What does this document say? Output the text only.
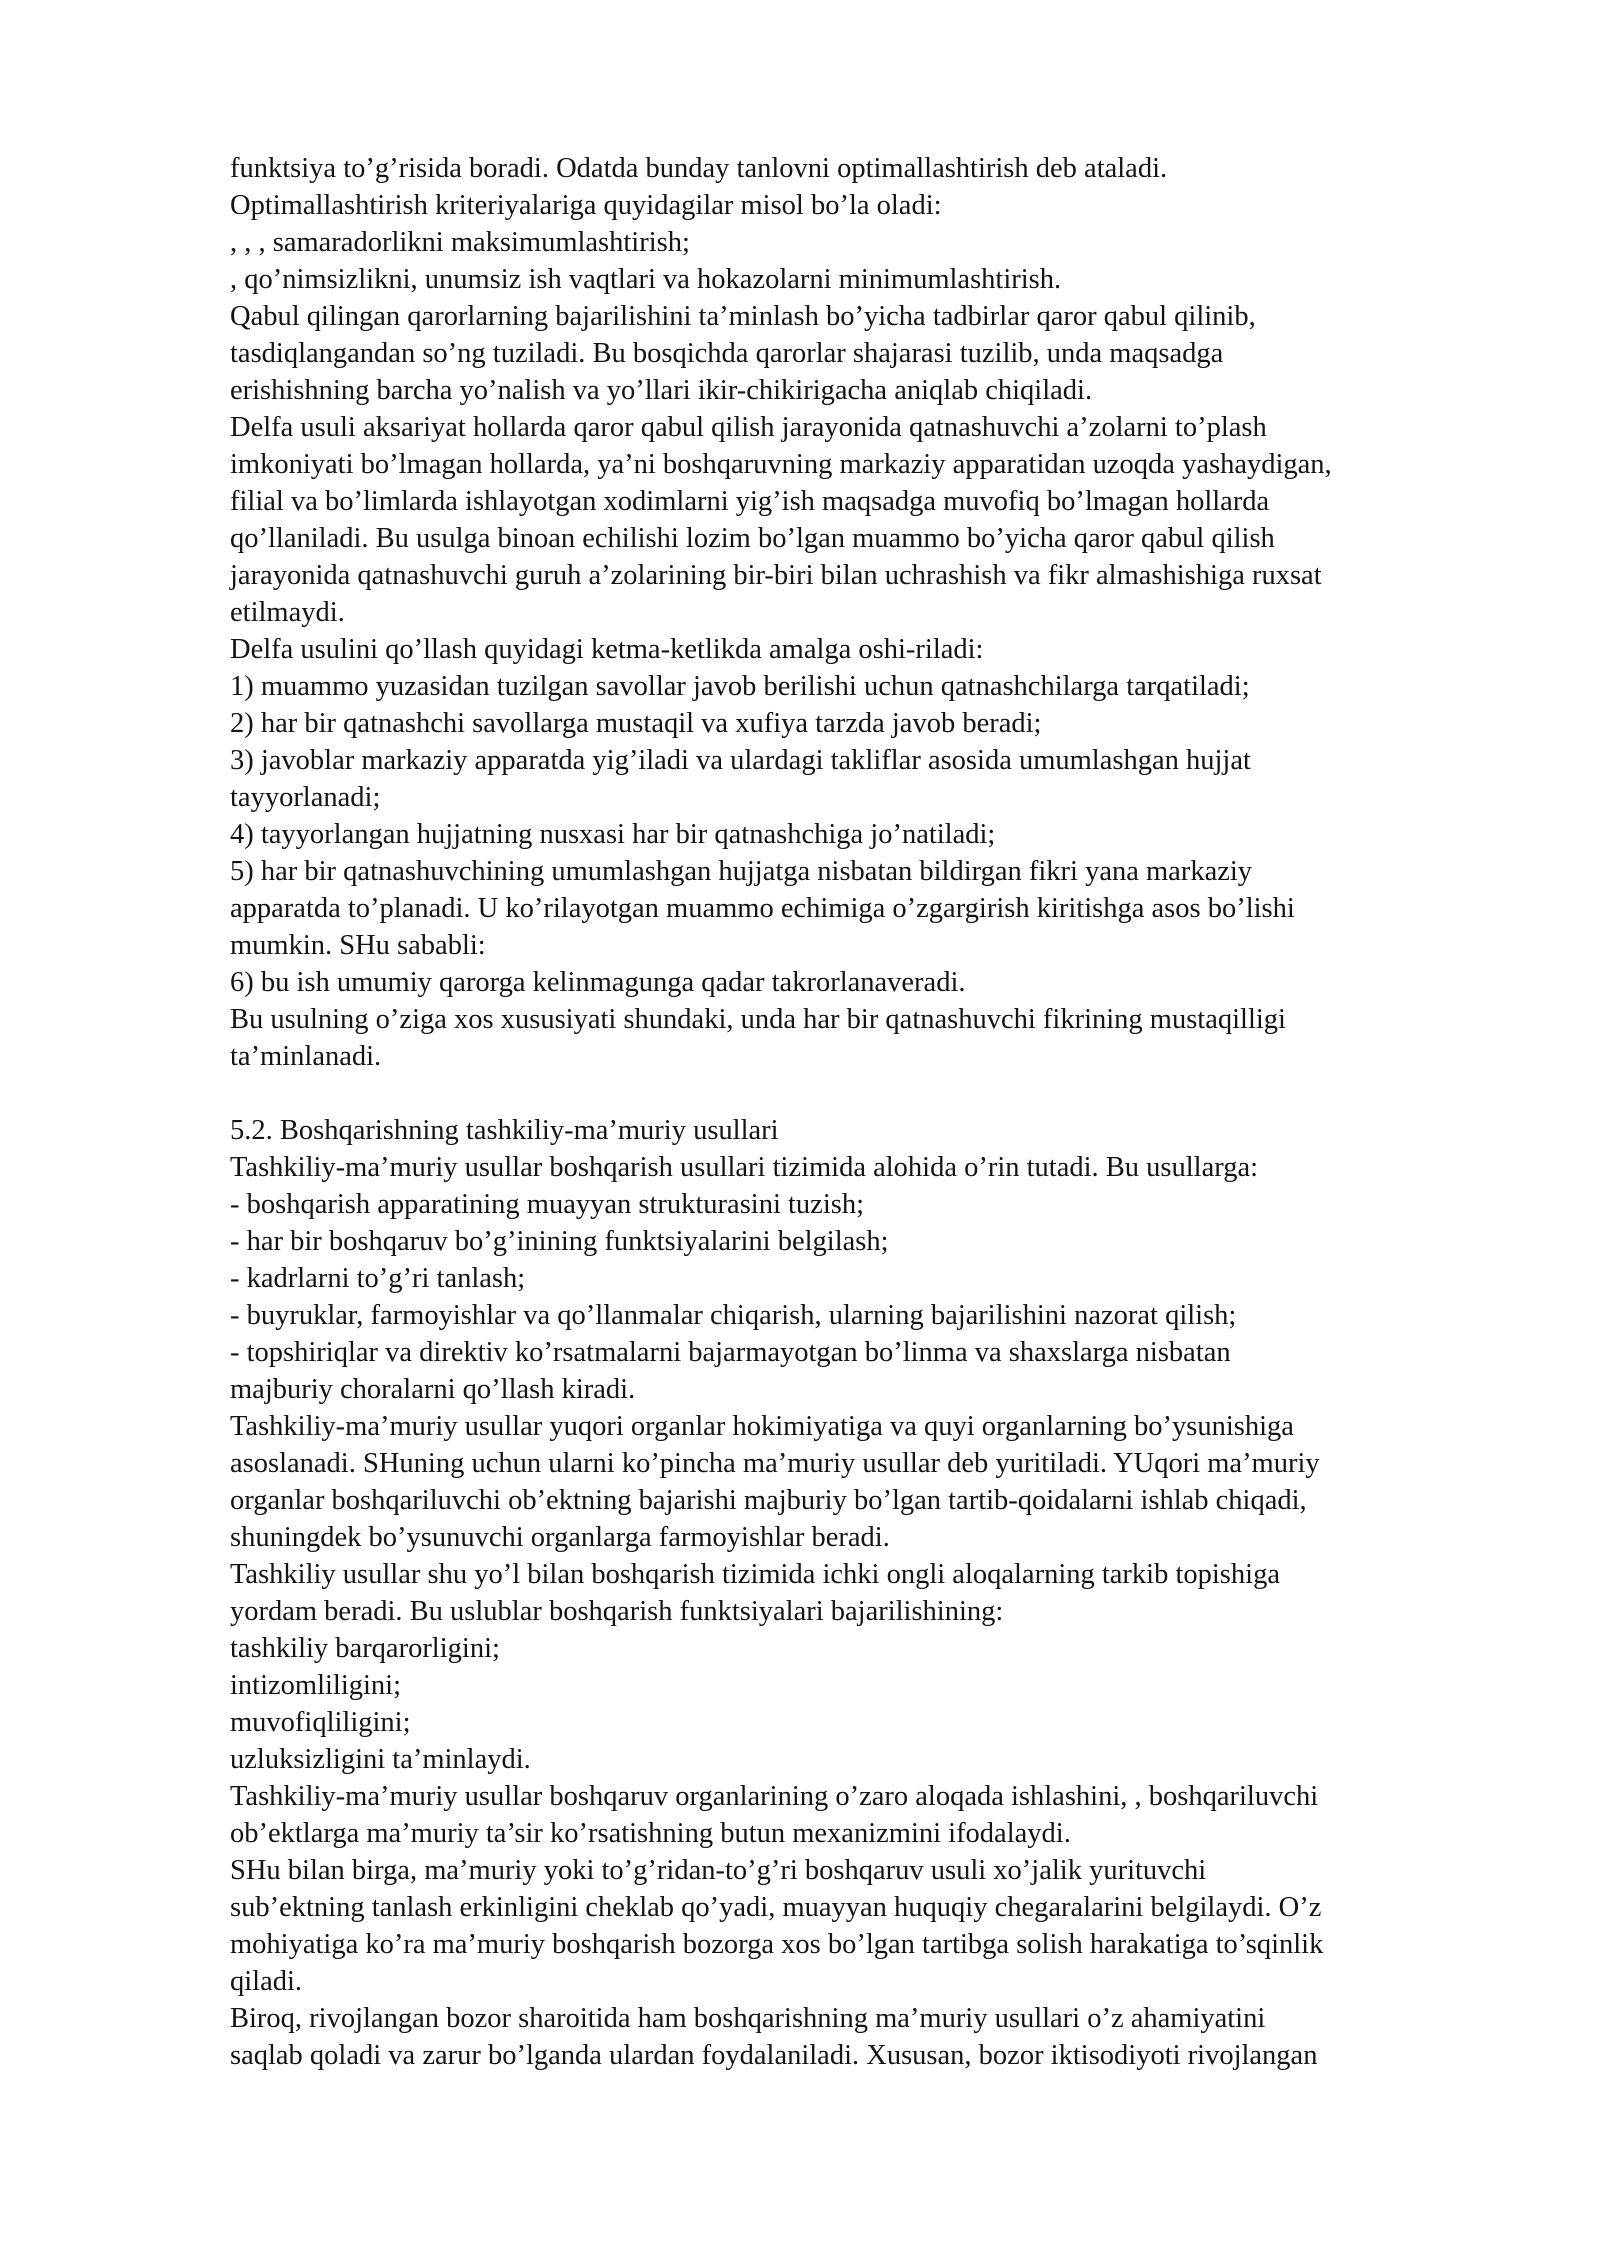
funktsiya to’g’risida boradi. Odatda bunday tanlovni optimallashtirish deb ataladi.
Optimallashtirish kriteriyalariga quyidagilar misol bo’la oladi:
, , , samaradorlikni maksimumlashtirish;
, qo’nimsizlikni, unumsiz ish vaqtlari va hokazolarni minimumlashtirish.
Qabul qilingan qarorlarning bajarilishini ta’minlash bo’yicha tadbirlar qaror qabul qilinib,
tasdiqlangandan so’ng tuziladi. Bu bosqichda qarorlar shajarasi tuzilib, unda maqsadga
erishishning barcha yo’nalish va yo’llari ikir-chikirigacha aniqlab chiqiladi.
Delfa usuli aksariyat hollarda qaror qabul qilish jarayonida qatnashuvchi a’zolarni to’plash
imkoniyati bo’lmagan hollarda, ya’ni boshqaruvning markaziy apparatidan uzoqda yashaydigan,
filial va bo’limlarda ishlayotgan xodimlarni yig’ish maqsadga muvofiq bo’lmagan hollarda
qo’llaniladi. Bu usulga binoan echilishi lozim bo’lgan muammo bo’yicha qaror qabul qilish
jarayonida qatnashuvchi guruh a’zolarining bir-biri bilan uchrashish va fikr almashishiga ruxsat
etilmaydi.
Delfa usulini qo’llash quyidagi ketma-ketlikda amalga oshi-riladi:
1) muammo yuzasidan tuzilgan savollar javob berilishi uchun qatnashchilarga tarqatiladi;
2) har bir qatnashchi savollarga mustaqil va xufiya tarzda javob beradi;
3) javoblar markaziy apparatda yig’iladi va ulardagi takliflar asosida umumlashgan hujjat
tayyorlanadi;
4) tayyorlangan hujjatning nusxasi har bir qatnashchiga jo’natiladi;
5) har bir qatnashuvchining umumlashgan hujjatga nisbatan bildirgan fikri yana markaziy
apparatda to’planadi. U ko’rilayotgan muammo echimiga o’zgargirish kiritishga asos bo’lishi
mumkin. SHu sababli:
6) bu ish umumiy qarorga kelinmagunga qadar takrorlanaveradi.
Bu usulning o’ziga xos xususiyati shundaki, unda har bir qatnashuvchi fikrining mustaqilligi
ta’minlanadi.
5.2. Boshqarishning tashkiliy-ma’muriy usullari
Tashkiliy-ma’muriy usullar boshqarish usullari tizimida alohida o’rin tutadi. Bu usullarga:
- boshqarish apparatining muayyan strukturasini tuzish;
- har bir boshqaruv bo’g’inining funktsiyalarini belgilash;
- kadrlarni to’g’ri tanlash;
- buyruklar, farmoyishlar va qo’llanmalar chiqarish, ularning bajarilishini nazorat qilish;
- topshiriqlar va direktiv ko’rsatmalarni bajarmayotgan bo’linma va shaxslarga nisbatan
majburiy choralarni qo’llash kiradi.
Tashkiliy-ma’muriy usullar yuqori organlar hokimiyatiga va quyi organlarning bo’ysunishiga
asoslanadi. SHuning uchun ularni ko’pincha ma’muriy usullar deb yuritiladi. YUqori ma’muriy
organlar boshqariluvchi ob’ektning bajarishi majburiy bo’lgan tartib-qoidalarni ishlab chiqadi,
shuningdek bo’ysunuvchi organlarga farmoyishlar beradi.
Tashkiliy usullar shu yo’l bilan boshqarish tizimida ichki ongli aloqalarning tarkib topishiga
yordam beradi. Bu uslublar boshqarish funktsiyalari bajarilishining:
tashkiliy barqarorligini;
intizomliligini;
muvofiqliligini;
uzluksizligini ta’minlaydi.
Tashkiliy-ma’muriy usullar boshqaruv organlarining o’zaro aloqada ishlashini, , boshqariluvchi
ob’ektlarga ma’muriy ta’sir ko’rsatishning butun mexanizmini ifodalaydi.
SHu bilan birga, ma’muriy yoki to’g’ridan-to’g’ri boshqaruv usuli xo’jalik yurituvchi
sub’ektning tanlash erkinligini cheklab qo’yadi, muayyan huquqiy chegaralarini belgilaydi. O’z
mohiyatiga ko’ra ma’muriy boshqarish bozorga xos bo’lgan tartibga solish harakatiga to’sqinlik
qiladi.
Biroq, rivojlangan bozor sharoitida ham boshqarishning ma’muriy usullari o’z ahamiyatini
saqlab qoladi va zarur bo’lganda ulardan foydalaniladi. Xususan, bozor iktisodiyoti rivojlangan
